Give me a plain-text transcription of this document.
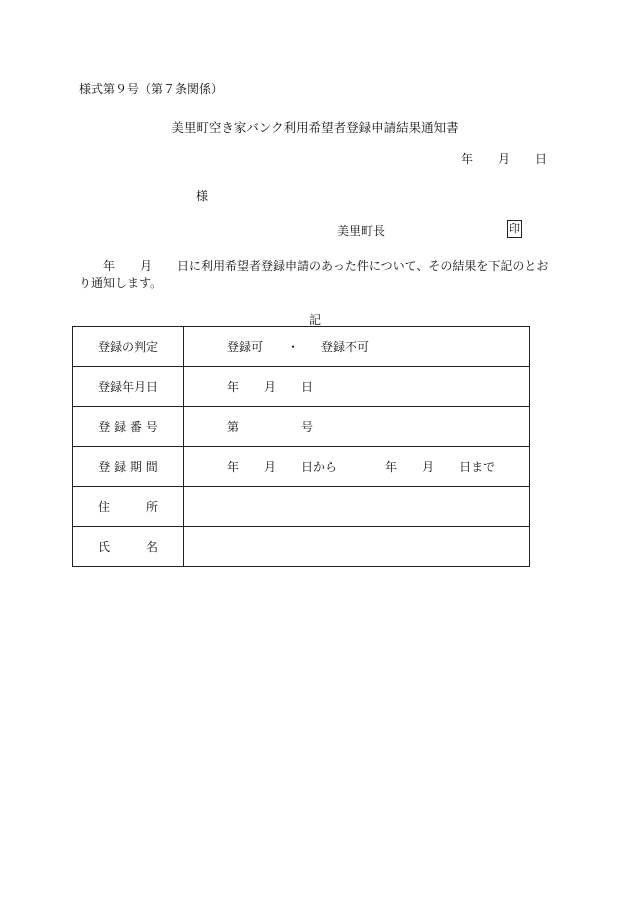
様式第９号（第７条関係）
美里町空き家バンク利用希望者登録申請結果通知書
年 月 日
様
美里町長	印
年 月 日に利用希望者登録申請のあった件について、その結果を下記のとおり通知します。
記
登録の判定	登録可 ・ 登録不可
登録年月日	年 月 日
登 録 番 号	第 号
登 録 期 間	年 月 日から 年 月 日まで
住 所	
氏 名	
